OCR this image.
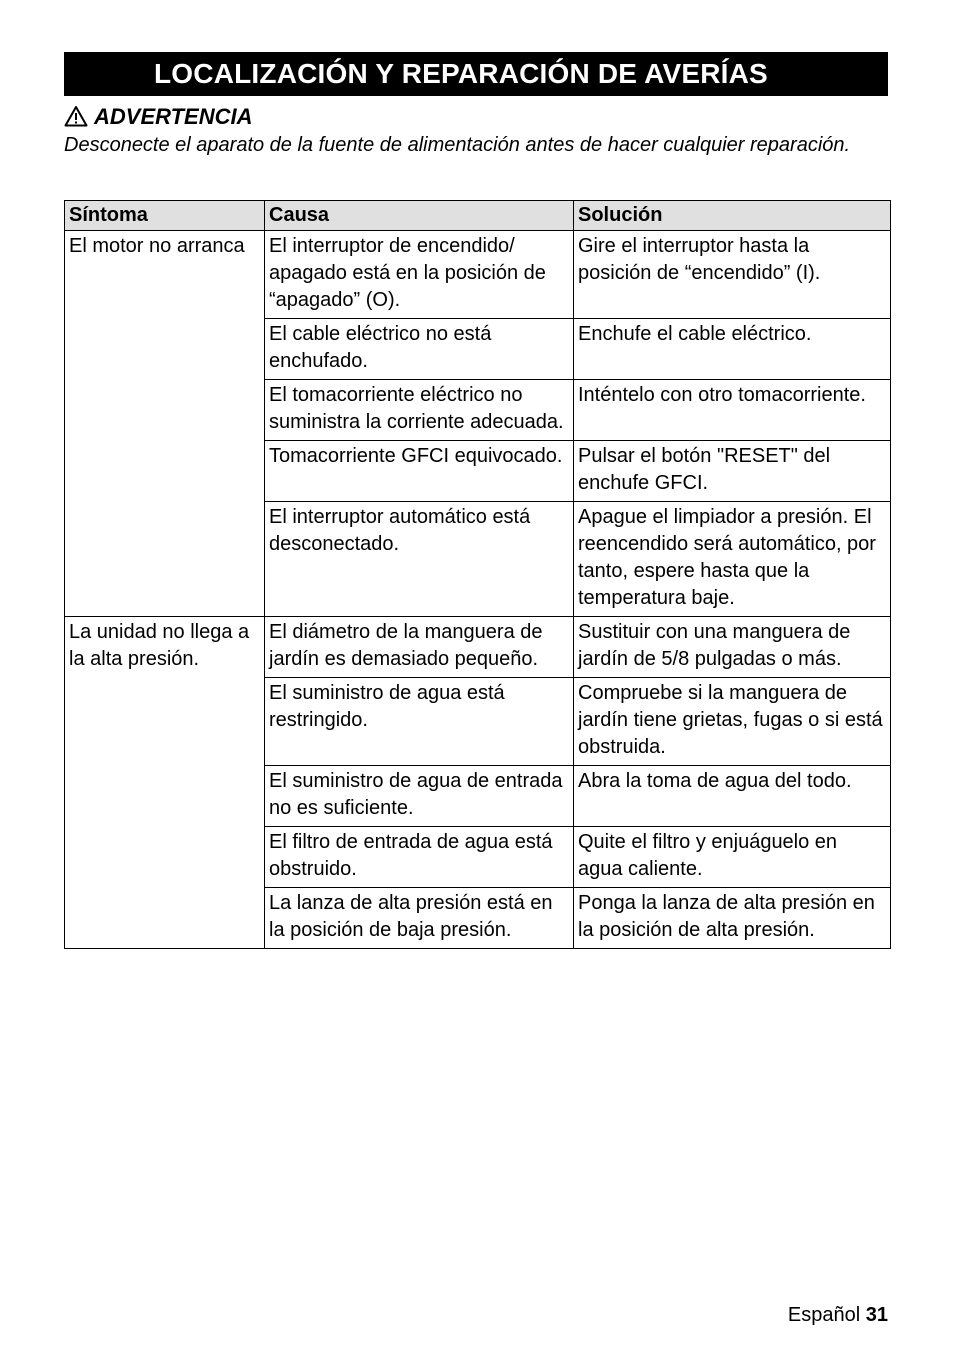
LOCALIZACIÓN Y REPARACIÓN DE AVERÍAS
ADVERTENCIA
Desconecte el aparato de la fuente de alimentación antes de hacer cualquier reparación.
Síntoma	Causa	Solución
El motor no arranca	El interruptor de encendido/ apagado está en la posición de “apagado” (O).	Gire el interruptor hasta la posición de “encendido” (I).
	El cable eléctrico no está enchufado.	Enchufe el cable eléctrico.
	El tomacorriente eléctrico no suministra la corriente adecuada.	Inténtelo con otro tomacorriente.
	Tomacorriente GFCI equivocado.	Pulsar el botón "RESET" del enchufe GFCI.
	El interruptor automático está desconectado.	Apague el limpiador a presión. El reencendido será automático, por tanto, espere hasta que la temperatura baje.
La unidad no llega a la alta presión.	El diámetro de la manguera de jardín es demasiado pequeño.	Sustituir con una manguera de jardín de 5/8 pulgadas o más.
	El suministro de agua está restringido.	Compruebe si la manguera de jardín tiene grietas, fugas o si está obstruida.
	El suministro de agua de entrada no es suficiente.	Abra la toma de agua del todo.
	El filtro de entrada de agua está obstruido.	Quite el filtro y enjuáguelo en agua caliente.
	La lanza de alta presión está en la posición de baja presión.	Ponga la lanza de alta presión en la posición de alta presión.
Español 31
